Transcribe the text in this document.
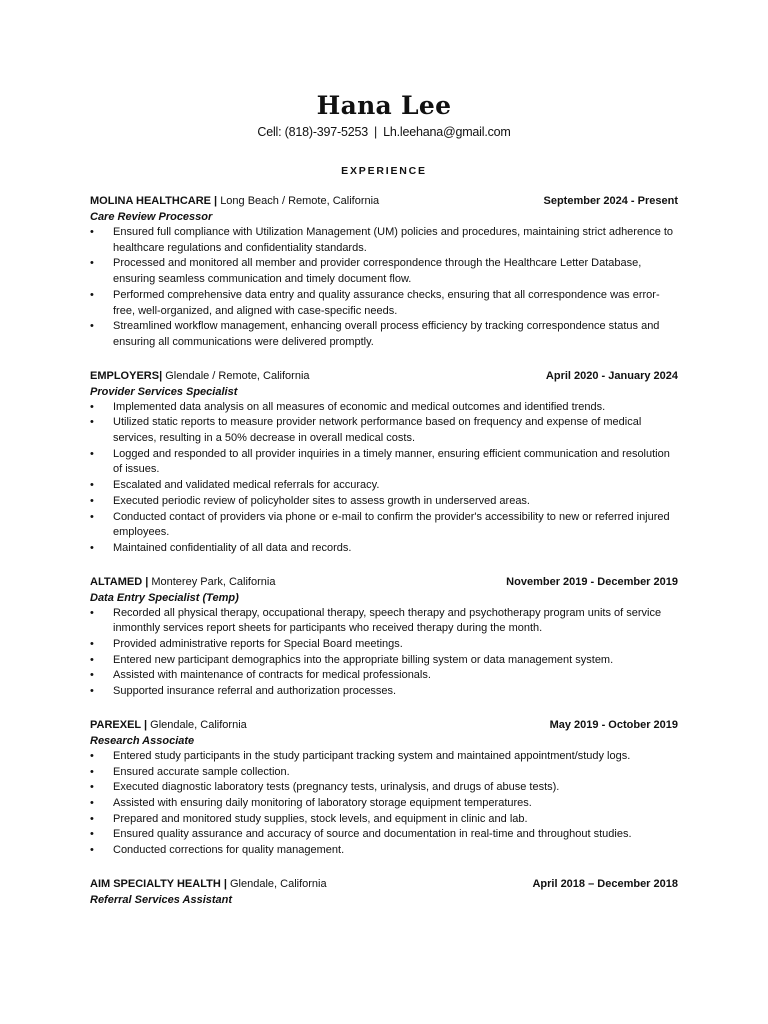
Hana Lee
Cell: (818)-397-5253 | Lh.leehana@gmail.com
EXPERIENCE
MOLINA HEALTHCARE | Long Beach / Remote, California	September 2024 - Present
Care Review Processor
• Ensured full compliance with Utilization Management (UM) policies and procedures, maintaining strict adherence to healthcare regulations and confidentiality standards.
• Processed and monitored all member and provider correspondence through the Healthcare Letter Database, ensuring seamless communication and timely document flow.
• Performed comprehensive data entry and quality assurance checks, ensuring that all correspondence was error-free, well-organized, and aligned with case-specific needs.
• Streamlined workflow management, enhancing overall process efficiency by tracking correspondence status and ensuring all communications were delivered promptly.
EMPLOYERS| Glendale / Remote, California	April 2020 - January 2024
Provider Services Specialist
• Implemented data analysis on all measures of economic and medical outcomes and identified trends.
• Utilized static reports to measure provider network performance based on frequency and expense of medical services, resulting in a 50% decrease in overall medical costs.
• Logged and responded to all provider inquiries in a timely manner, ensuring efficient communication and resolution of issues.
• Escalated and validated medical referrals for accuracy.
• Executed periodic review of policyholder sites to assess growth in underserved areas.
• Conducted contact of providers via phone or e-mail to confirm the provider's accessibility to new or referred injured employees.
• Maintained confidentiality of all data and records.
ALTAMED | Monterey Park, California	November 2019 - December 2019
Data Entry Specialist (Temp)
• Recorded all physical therapy, occupational therapy, speech therapy and psychotherapy program units of service inmonthly services report sheets for participants who received therapy during the month.
• Provided administrative reports for Special Board meetings.
• Entered new participant demographics into the appropriate billing system or data management system.
• Assisted with maintenance of contracts for medical professionals.
• Supported insurance referral and authorization processes.
PAREXEL | Glendale, California	May 2019 - October 2019
Research Associate
• Entered study participants in the study participant tracking system and maintained appointment/study logs.
• Ensured accurate sample collection.
• Executed diagnostic laboratory tests (pregnancy tests, urinalysis, and drugs of abuse tests).
• Assisted with ensuring daily monitoring of laboratory storage equipment temperatures.
• Prepared and monitored study supplies, stock levels, and equipment in clinic and lab.
• Ensured quality assurance and accuracy of source and documentation in real-time and throughout studies.
• Conducted corrections for quality management.
AIM SPECIALTY HEALTH | Glendale, California	April 2018 – December 2018
Referral Services Assistant
